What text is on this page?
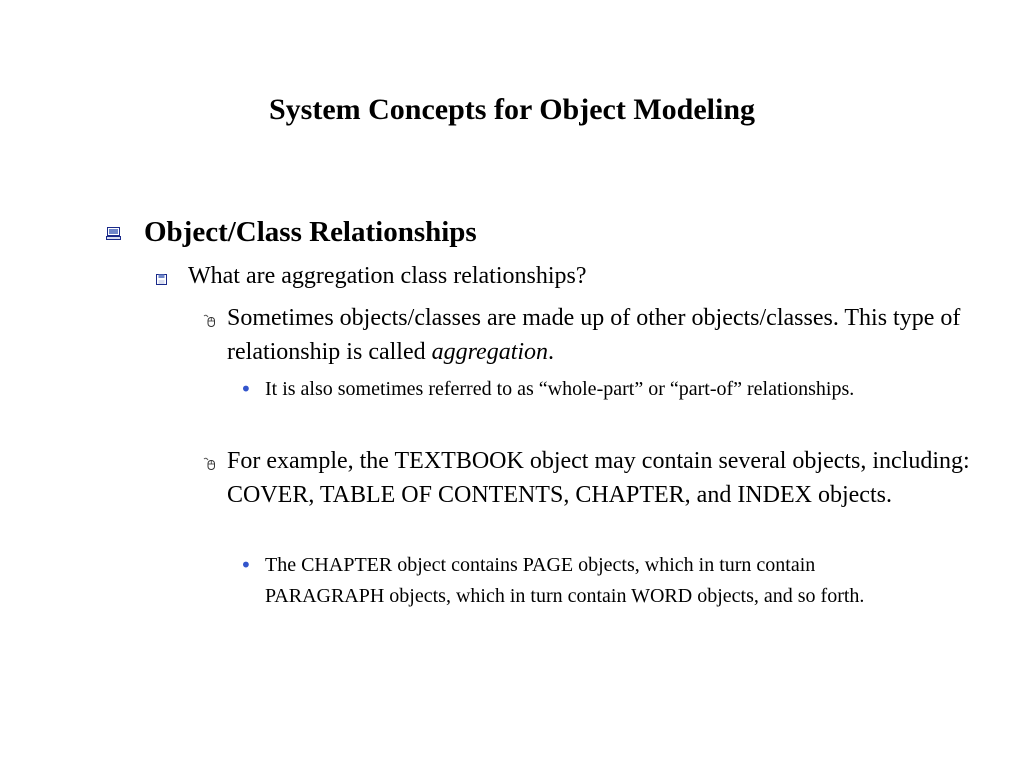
System Concepts for Object Modeling
Object/Class Relationships
What are aggregation class relationships?
Sometimes objects/classes are made up of other objects/classes. This type of relationship is called aggregation.
• It is also sometimes referred to as “whole-part” or “part-of” relationships.
For example, the TEXTBOOK object may contain several objects, including: COVER, TABLE OF CONTENTS, CHAPTER, and INDEX objects.
• The CHAPTER object contains PAGE objects, which in turn contain PARAGRAPH objects, which in turn contain WORD objects, and so forth.
